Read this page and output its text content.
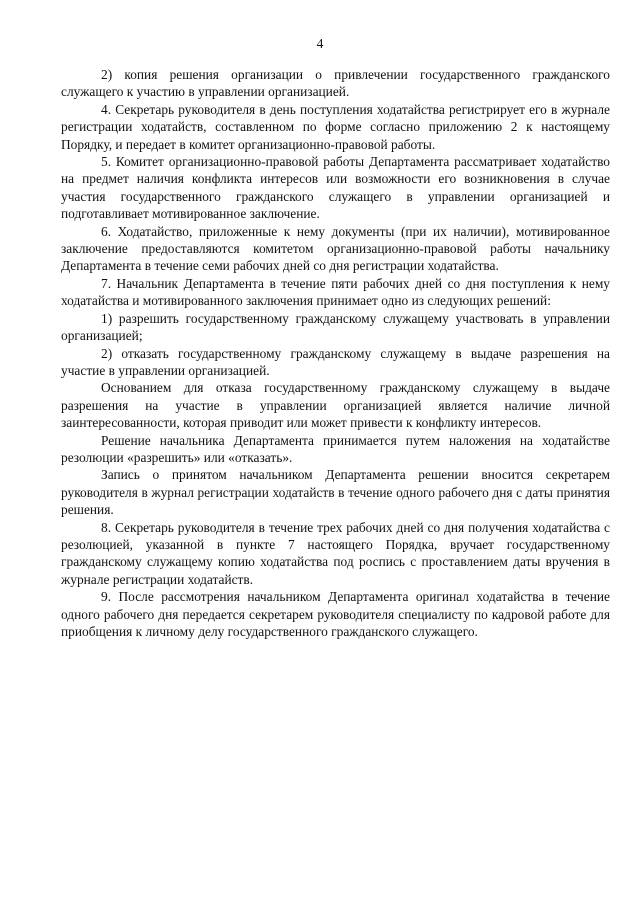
4

2) копия решения организации о привлечении государственного гражданского служащего к участию в управлении организацией.

4. Секретарь руководителя в день поступления ходатайства регистрирует его в журнале регистрации ходатайств, составленном по форме согласно приложению 2 к настоящему Порядку, и передает в комитет организационно-правовой работы.

5. Комитет организационно-правовой работы Департамента рассматривает ходатайство на предмет наличия конфликта интересов или возможности его возникновения в случае участия государственного гражданского служащего в управлении организацией и подготавливает мотивированное заключение.

6. Ходатайство, приложенные к нему документы (при их наличии), мотивированное заключение предоставляются комитетом организационно-правовой работы начальнику Департамента в течение семи рабочих дней со дня регистрации ходатайства.

7. Начальник Департамента в течение пяти рабочих дней со дня поступления к нему ходатайства и мотивированного заключения принимает одно из следующих решений:

1) разрешить государственному гражданскому служащему участвовать в управлении организацией;

2) отказать государственному гражданскому служащему в выдаче разрешения на участие в управлении организацией.

Основанием для отказа государственному гражданскому служащему в выдаче разрешения на участие в управлении организацией является наличие личной заинтересованности, которая приводит или может привести к конфликту интересов.

Решение начальника Департамента принимается путем наложения на ходатайстве резолюции «разрешить» или «отказать».

Запись о принятом начальником Департамента решении вносится секретарем руководителя в журнал регистрации ходатайств в течение одного рабочего дня с даты принятия решения.

8. Секретарь руководителя в течение трех рабочих дней со дня получения ходатайства с резолюцией, указанной в пункте 7 настоящего Порядка, вручает государственному гражданскому служащему копию ходатайства под роспись с проставлением даты вручения в журнале регистрации ходатайств.

9. После рассмотрения начальником Департамента оригинал ходатайства в течение одного рабочего дня передается секретарем руководителя специалисту по кадровой работе для приобщения к личному делу государственного гражданского служащего.
